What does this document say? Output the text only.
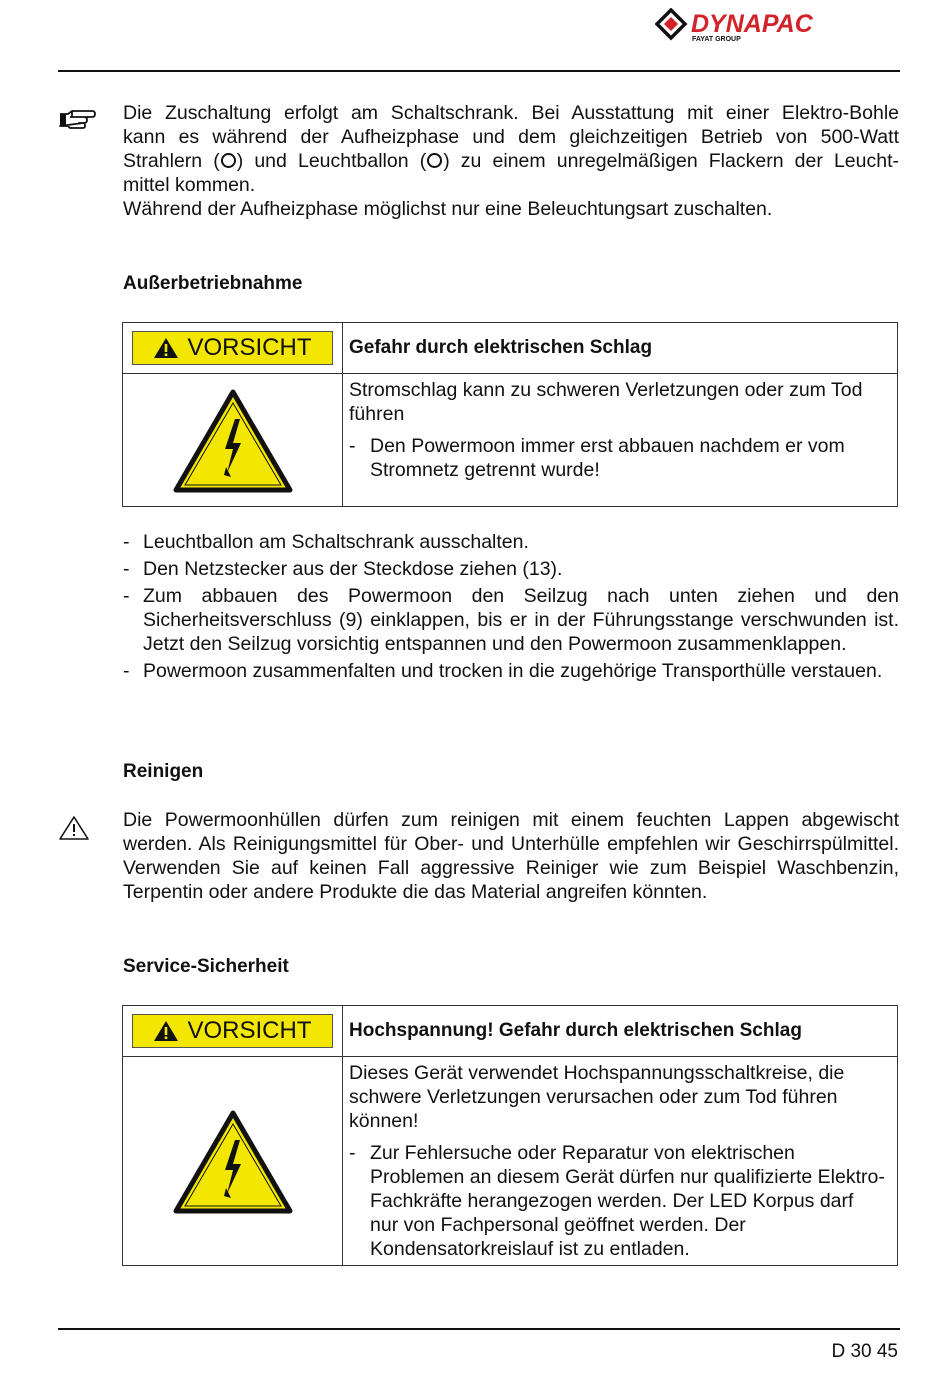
DYNAPAC
FAYAT GROUP
Die Zuschaltung erfolgt am Schaltschrank. Bei Ausstattung mit einer Elektro-Bohle
kann es während der Aufheizphase und dem gleichzeitigen Betrieb von 500-Watt
Strahlern ( ) und Leuchtballon ( ) zu einem unregelmäßigen Flackern der Leucht-
mittel kommen.
Während der Aufheizphase möglichst nur eine Beleuchtungsart zuschalten.
Außerbetriebnahme
VORSICHT	Gefahr durch elektrischen Schlag

Stromschlag kann zu schweren Verletzungen oder zum Tod führen

- Den Powermoon immer erst abbauen nachdem er vom Stromnetz getrennt wurde!
- Leuchtballon am Schaltschrank ausschalten.
- Den Netzstecker aus der Steckdose ziehen (13).
- Zum abbauen des Powermoon den Seilzug nach unten ziehen und den Sicherheitsverschluss (9) einklappen, bis er in der Führungsstange verschwunden ist. Jetzt den Seilzug vorsichtig entspannen und den Powermoon zusammenklappen.
- Powermoon zusammenfalten und trocken in die zugehörige Transporthülle verstauen.
Reinigen

Die Powermoonhüllen dürfen zum reinigen mit einem feuchten Lappen abgewischt werden. Als Reinigungsmittel für Ober- und Unterhülle empfehlen wir Geschirrspülmittel. Verwenden Sie auf keinen Fall aggressive Reiniger wie zum Beispiel Waschbenzin, Terpentin oder andere Produkte die das Material angreifen könnten.

Service-Sicherheit
VORSICHT	Hochspannung! Gefahr durch elektrischen Schlag

Dieses Gerät verwendet Hochspannungsschaltkreise, die schwere Verletzungen verursachen oder zum Tod führen können!

- Zur Fehlersuche oder Reparatur von elektrischen Problemen an diesem Gerät dürfen nur qualifizierte Elektro-Fachkräfte herangezogen werden. Der LED Korpus darf nur von Fachpersonal geöffnet werden. Der Kondensatorkreislauf ist zu entladen.
D 30 45
